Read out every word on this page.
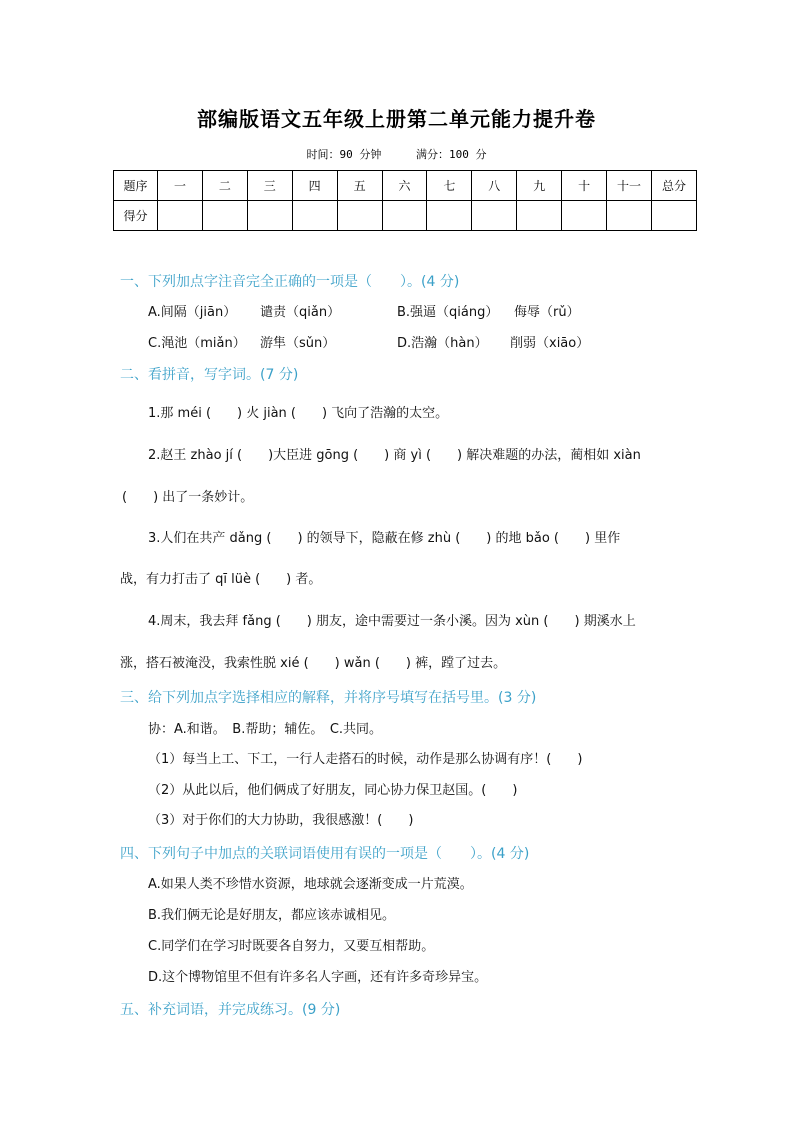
部编版语文五年级上册第二单元能力提升卷
时间：90 分钟	满分：100 分
题序	一	二	三	四	五	六	七	八	九	十	十一	总分
得分												
一、下列加点字注音完全正确的一项是（　　）。(4 分)
A.间隔（jiān） 谴责（qiǎn）	B.强逼（qiáng） 侮辱（rǔ）
C.渑池（miǎn） 游隼（sǔn）	D.浩瀚（hàn） 削弱（xiāo）
二、看拼音，写字词。(7 分)
1.那 méi (　　) 火 jiàn (　　) 飞向了浩瀚的太空。
2.赵王 zhào jí (　　)大臣进 gōng (　　) 商 yì (　　) 解决难题的办法，蔺相如 xiàn
(　　) 出了一条妙计。
3.人们在共产 dǎng (　　) 的领导下，隐蔽在修 zhù (　　) 的地 bǎo (　　) 里作
战，有力打击了 qī lüè (　　) 者。
4.周末，我去拜 fǎng (　　) 朋友，途中需要过一条小溪。因为 xùn (　　) 期溪水上
涨，搭石被淹没，我索性脱 xié (　　) wǎn (　　) 裤，蹚了过去。
三、给下列加点字选择相应的解释，并将序号填写在括号里。(3 分)
协：A.和谐。　B.帮助；辅佐。　C.共同。
（1）每当上工、下工，一行人走搭石的时候，动作是那么协调有序！(　　)
（2）从此以后，他们俩成了好朋友，同心协力保卫赵国。(　　)
（3）对于你们的大力协助，我很感激！(　　)
四、下列句子中加点的关联词语使用有误的一项是（　　）。(4 分)
A.如果人类不珍惜水资源，地球就会逐渐变成一片荒漠。
B.我们俩无论是好朋友，都应该赤诚相见。
C.同学们在学习时既要各自努力，又要互相帮助。
D.这个博物馆里不但有许多名人字画，还有许多奇珍异宝。
五、补充词语，并完成练习。(9 分)
